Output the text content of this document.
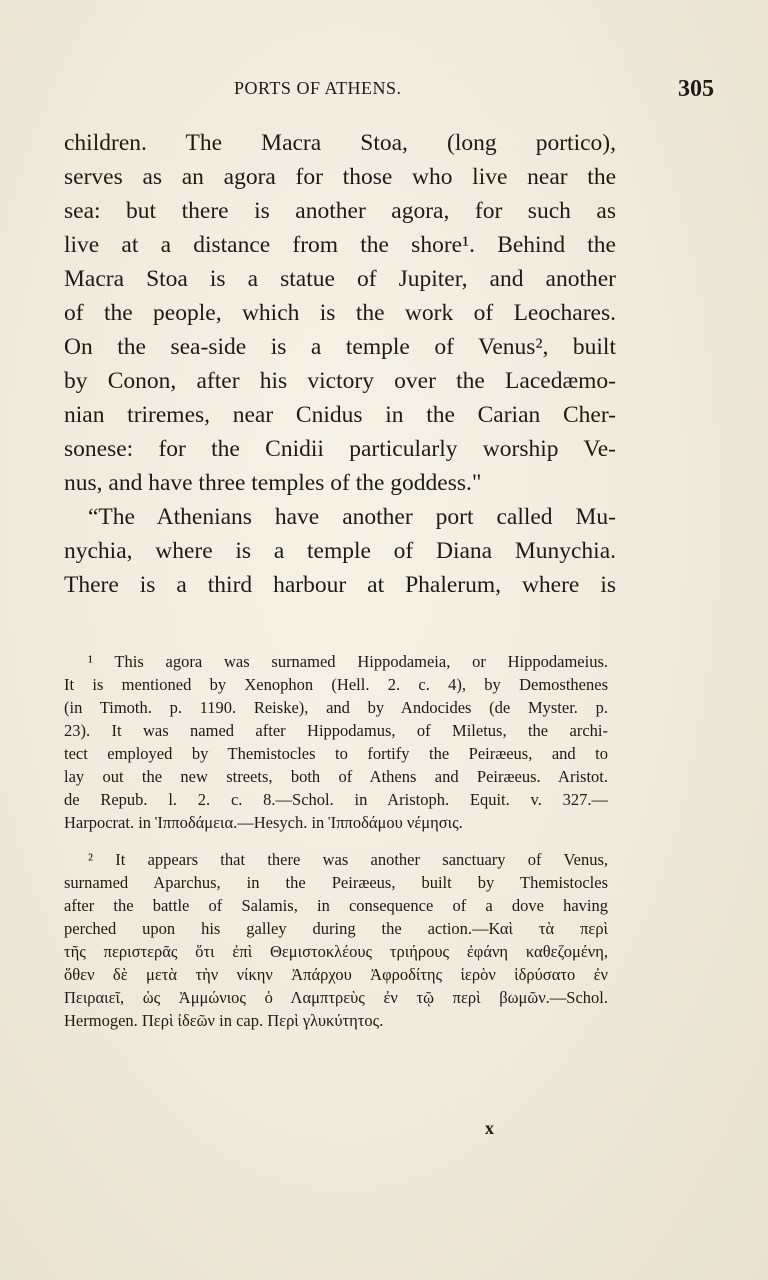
PORTS OF ATHENS.	305
children. The Macra Stoa, (long portico),
serves as an agora for those who live near the
sea: but there is another agora, for such as
live at a distance from the shore¹. Behind the
Macra Stoa is a statue of Jupiter, and another
of the people, which is the work of Leochares.
On the sea-side is a temple of Venus², built
by Conon, after his victory over the Lacedæmo-
nian triremes, near Cnidus in the Carian Cher-
sonese: for the Cnidii particularly worship Ve-
nus, and have three temples of the goddess."
“The Athenians have another port called Mu-
nychia, where is a temple of Diana Munychia.
There is a third harbour at Phalerum, where is
¹ This agora was surnamed Hippodameia, or Hippodameius.
It is mentioned by Xenophon (Hell. 2. c. 4), by Demosthenes
(in Timoth. p. 1190. Reiske), and by Andocides (de Myster. p.
23). It was named after Hippodamus, of Miletus, the archi-
tect employed by Themistocles to fortify the Peiræeus, and to
lay out the new streets, both of Athens and Peiræeus. Aristot.
de Repub. l. 2. c. 8.—Schol. in Aristoph. Equit. v. 327.—
Harpocrat. in Ἱπποδάμεια.—Hesych. in Ἱπποδάμου νέμησις.
² It appears that there was another sanctuary of Venus,
surnamed Aparchus, in the Peiræeus, built by Themistocles
after the battle of Salamis, in consequence of a dove having
perched upon his galley during the action.—Καὶ τὰ περὶ
τῆς περιστερᾶς ὅτι ἐπὶ Θεμιστοκλέους τριήρους ἐφάνη καθεζομένη,
ὅθεν δὲ μετὰ τὴν νίκην Ἀπάρχου Ἀφροδίτης ἱερὸν ἱδρύσατο ἐν
Πειραιεῖ, ὡς Ἀμμώνιος ὁ Λαμπτρεὺς ἐν τῷ περὶ βωμῶν.—Schol.
Hermogen. Περὶ ἰδεῶν in cap. Περὶ γλυκύτητος.
x
